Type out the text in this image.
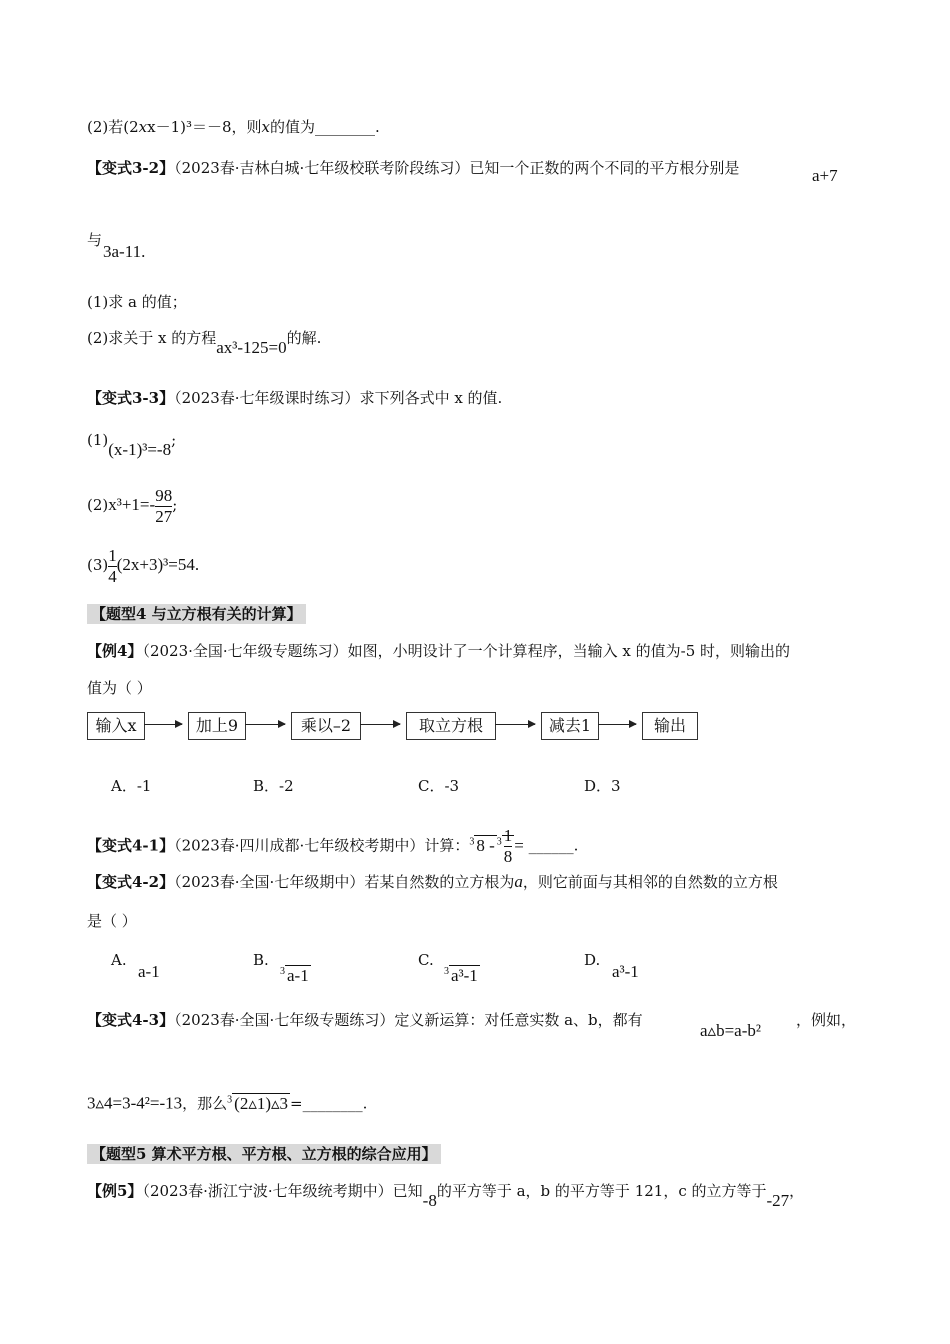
(2)若(2xx－1)³＝－8，则x的值为________.
【变式3-2】（2023春·吉林白城·七年级校联考阶段练习）已知一个正数的两个不同的平方根分别是	a+7
与
3a-11.
(1)求 a 的值；
(2)求关于 x 的方程ax³-125=0的解.
【变式3-3】（2023春·七年级课时练习）求下列各式中 x 的值.
(1)(x-1)³=-8;
$(2)x^3+1=- \frac{98}{27}$ ;
$(3) \frac{1}{4} (2x+3)^3=54$.
【题型4 与立方根有关的计算】
【例4】（2023·全国·七年级专题练习）如图，小明设计了一个计算程序，当输入 x 的值为-5 时，则输出的
值为（ ）
输入x	加上9	乘以–2	取立方根	减去1	输出
A．-1	B．-2	C．-3	D．3
【变式4-1】（2023春·四川成都·七年级校考期中）计算：$^3$ $8 - ^3 \frac{1}{8}$ = ______.
【变式4-2】（2023春·全国·七年级期中）若某自然数的立方根为a，则它前面与其相邻的自然数的立方根
是（ ）
A.
a-1
B.
$^3$ a-1
C.
$^3$ a³-1
D.
a³-1
【变式4-3】（2023春·全国·七年级专题练习）定义新运算：对任意实数 a、b，都有
a▵b=a-b²
，例如，
3▵4=3-4²=-13，那么$^3$ (2▵1)▵3 =________.
【题型5 算术平方根、平方根、立方根的综合应用】
【例5】（2023春·浙江宁波·七年级统考期中）已知-8的平方等于 a，b 的平方等于 121，c 的立方等于-27，
